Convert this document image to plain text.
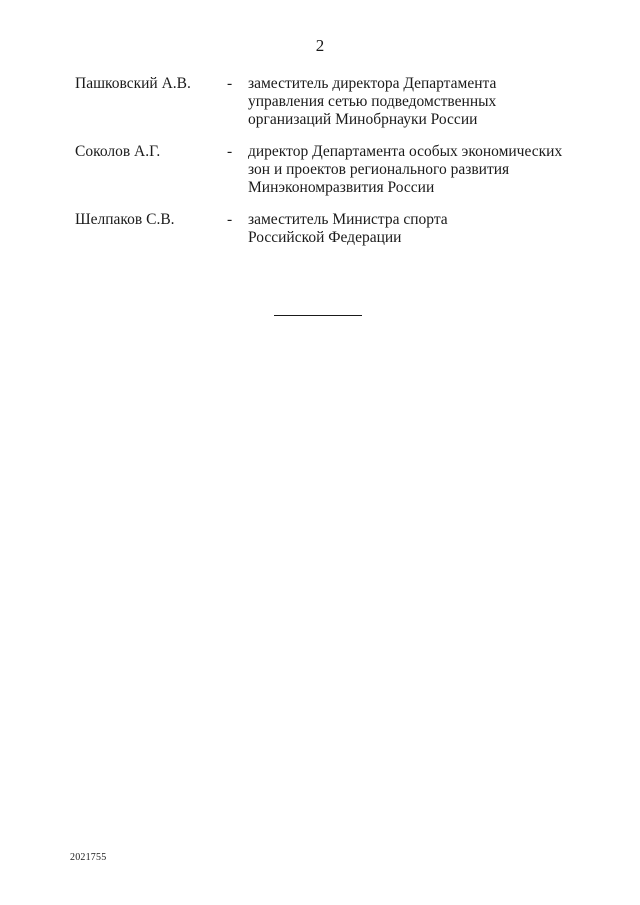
2
Пашковский А.В. - заместитель директора Департамента
управления сетью подведомственных
организаций Минобрнауки России
Соколов А.Г.	- директор Департамента особых экономических
зон и проектов регионального развития
Минэкономразвития России
Шелпаков С.В.	- заместитель Министра спорта
Российской Федерации
2021755
